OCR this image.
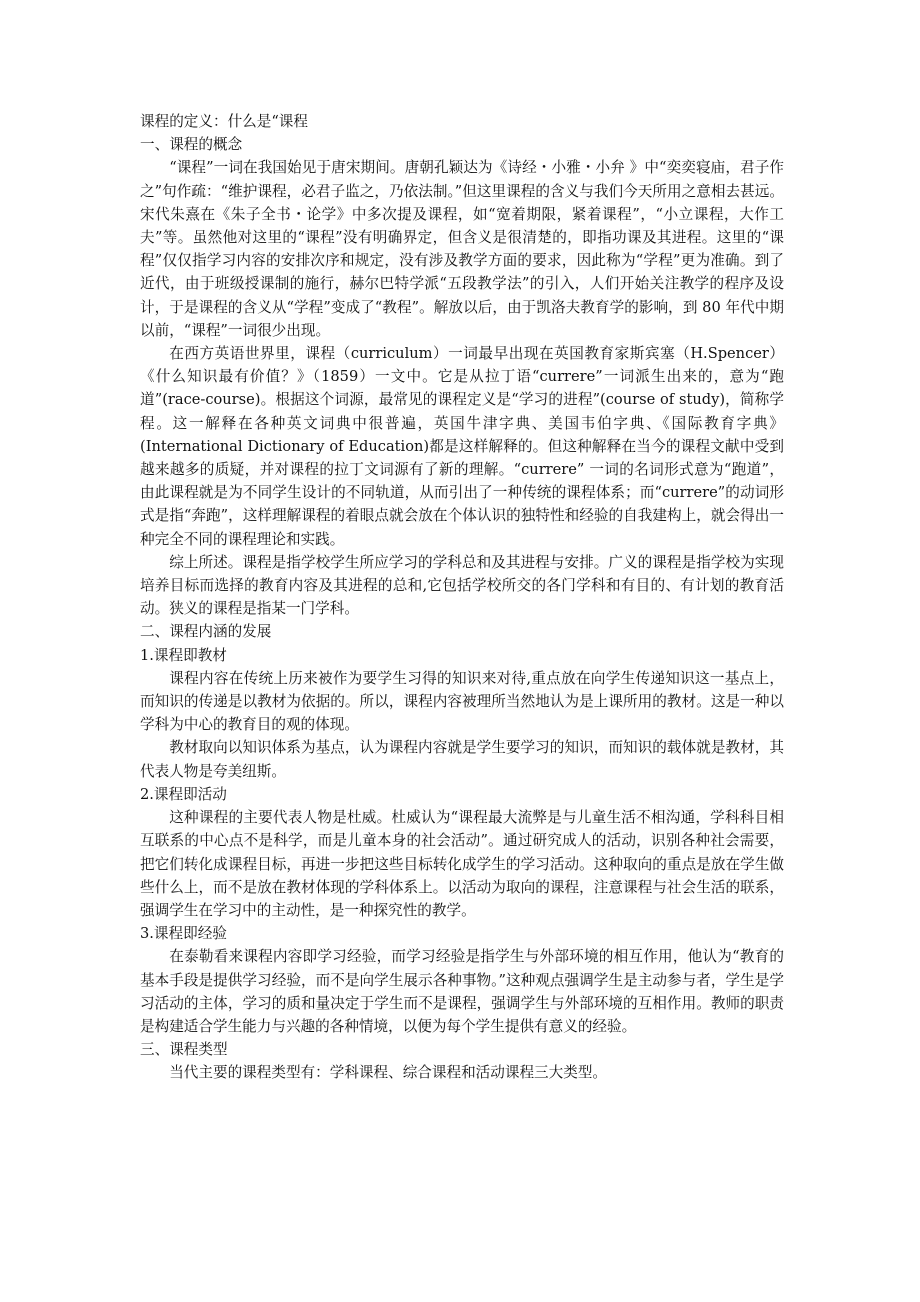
课程的定义：什么是“课程

一、课程的概念

“课程”一词在我国始见于唐宋期间。唐朝孔颖达为《诗经・小雅・小弁 》中“奕奕寝庙，君子作之”句作疏：“维护课程，必君子监之，乃依法制。”但这里课程的含义与我们今天所用之意相去甚远。宋代朱熹在《朱子全书・论学》中多次提及课程，如“宽着期限，紧着课程”，“小立课程，大作工夫”等。虽然他对这里的“课程”没有明确界定，但含义是很清楚的，即指功课及其进程。这里的“课程”仅仅指学习内容的安排次序和规定，没有涉及教学方面的要求，因此称为“学程”更为准确。到了近代，由于班级授课制的施行，赫尔巴特学派“五段教学法”的引入，人们开始关注教学的程序及设计，于是课程的含义从“学程”变成了“教程”。解放以后，由于凯洛夫教育学的影响，到 80 年代中期以前，“课程”一词很少出现。

在西方英语世界里，课程（curriculum）一词最早出现在英国教育家斯宾塞（H.Spencer）《什么知识最有价值？》（1859）一文中。它是从拉丁语“currere”一词派生出来的，意为“跑道”(race-course)。根据这个词源，最常见的课程定义是“学习的进程”(course of study)，简称学程。这一解释在各种英文词典中很普遍，英国牛津字典、美国韦伯字典、《国际教育字典》(International Dictionary of Education)都是这样解释的。但这种解释在当今的课程文献中受到越来越多的质疑，并对课程的拉丁文词源有了新的理解。“currere” 一词的名词形式意为“跑道”，由此课程就是为不同学生设计的不同轨道，从而引出了一种传统的课程体系；而“currere”的动词形式是指“奔跑”，这样理解课程的着眼点就会放在个体认识的独特性和经验的自我建构上，就会得出一种完全不同的课程理论和实践。

综上所述。课程是指学校学生所应学习的学科总和及其进程与安排。广义的课程是指学校为实现培养目标而选择的教育内容及其进程的总和,它包括学校所交的各门学科和有目的、有计划的教育活动。狭义的课程是指某一门学科。

二、课程内涵的发展

1.课程即教材

课程内容在传统上历来被作为要学生习得的知识来对待,重点放在向学生传递知识这一基点上，而知识的传递是以教材为依据的。所以，课程内容被理所当然地认为是上课所用的教材。这是一种以学科为中心的教育目的观的体现。

教材取向以知识体系为基点，认为课程内容就是学生要学习的知识，而知识的载体就是教材，其代表人物是夸美纽斯。

2.课程即活动

这种课程的主要代表人物是杜威。杜威认为“课程最大流弊是与儿童生活不相沟通，学科科目相互联系的中心点不是科学，而是儿童本身的社会活动”。通过研究成人的活动，识别各种社会需要，把它们转化成课程目标，再进一步把这些目标转化成学生的学习活动。这种取向的重点是放在学生做些什么上，而不是放在教材体现的学科体系上。以活动为取向的课程，注意课程与社会生活的联系，强调学生在学习中的主动性，是一种探究性的教学。

3.课程即经验

在泰勒看来课程内容即学习经验，而学习经验是指学生与外部环境的相互作用，他认为“教育的基本手段是提供学习经验，而不是向学生展示各种事物。”这种观点强调学生是主动参与者，学生是学习活动的主体，学习的质和量决定于学生而不是课程，强调学生与外部环境的互相作用。教师的职责是构建适合学生能力与兴趣的各种情境，以便为每个学生提供有意义的经验。

三、课程类型

当代主要的课程类型有：学科课程、综合课程和活动课程三大类型。
